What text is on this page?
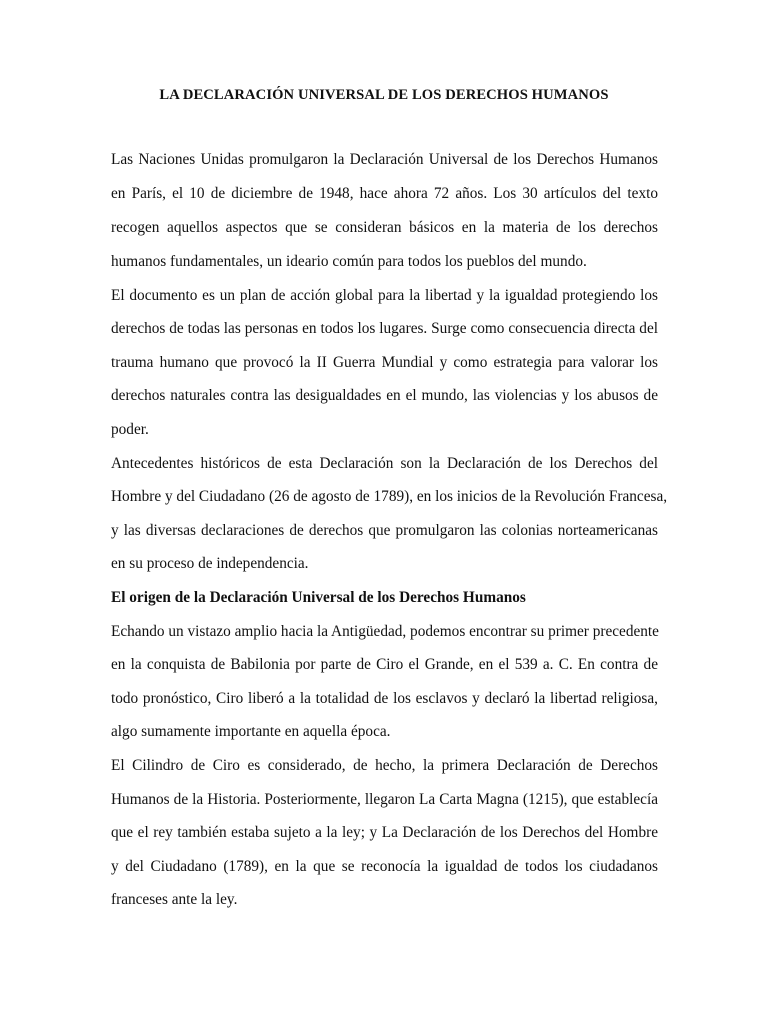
LA DECLARACIÓN UNIVERSAL DE LOS DERECHOS HUMANOS
Las Naciones Unidas promulgaron la Declaración Universal de los Derechos Humanos
en París, el 10 de diciembre de 1948, hace ahora 72 años. Los 30 artículos del texto
recogen aquellos aspectos que se consideran básicos en la materia de los derechos
humanos fundamentales, un ideario común para todos los pueblos del mundo.
El documento es un plan de acción global para la libertad y la igualdad protegiendo los
derechos de todas las personas en todos los lugares. Surge como consecuencia directa del
trauma humano que provocó la II Guerra Mundial y como estrategia para valorar los
derechos naturales contra las desigualdades en el mundo, las violencias y los abusos de
poder.
Antecedentes históricos de esta Declaración son la Declaración de los Derechos del
Hombre y del Ciudadano (26 de agosto de 1789), en los inicios de la Revolución Francesa,
y las diversas declaraciones de derechos que promulgaron las colonias norteamericanas
en su proceso de independencia.
El origen de la Declaración Universal de los Derechos Humanos
Echando un vistazo amplio hacia la Antigüedad, podemos encontrar su primer precedente
en la conquista de Babilonia por parte de Ciro el Grande, en el 539 a. C. En contra de
todo pronóstico, Ciro liberó a la totalidad de los esclavos y declaró la libertad religiosa,
algo sumamente importante en aquella época.
El Cilindro de Ciro es considerado, de hecho, la primera Declaración de Derechos
Humanos de la Historia. Posteriormente, llegaron La Carta Magna (1215), que establecía
que el rey también estaba sujeto a la ley; y La Declaración de los Derechos del Hombre
y del Ciudadano (1789), en la que se reconocía la igualdad de todos los ciudadanos
franceses ante la ley.
